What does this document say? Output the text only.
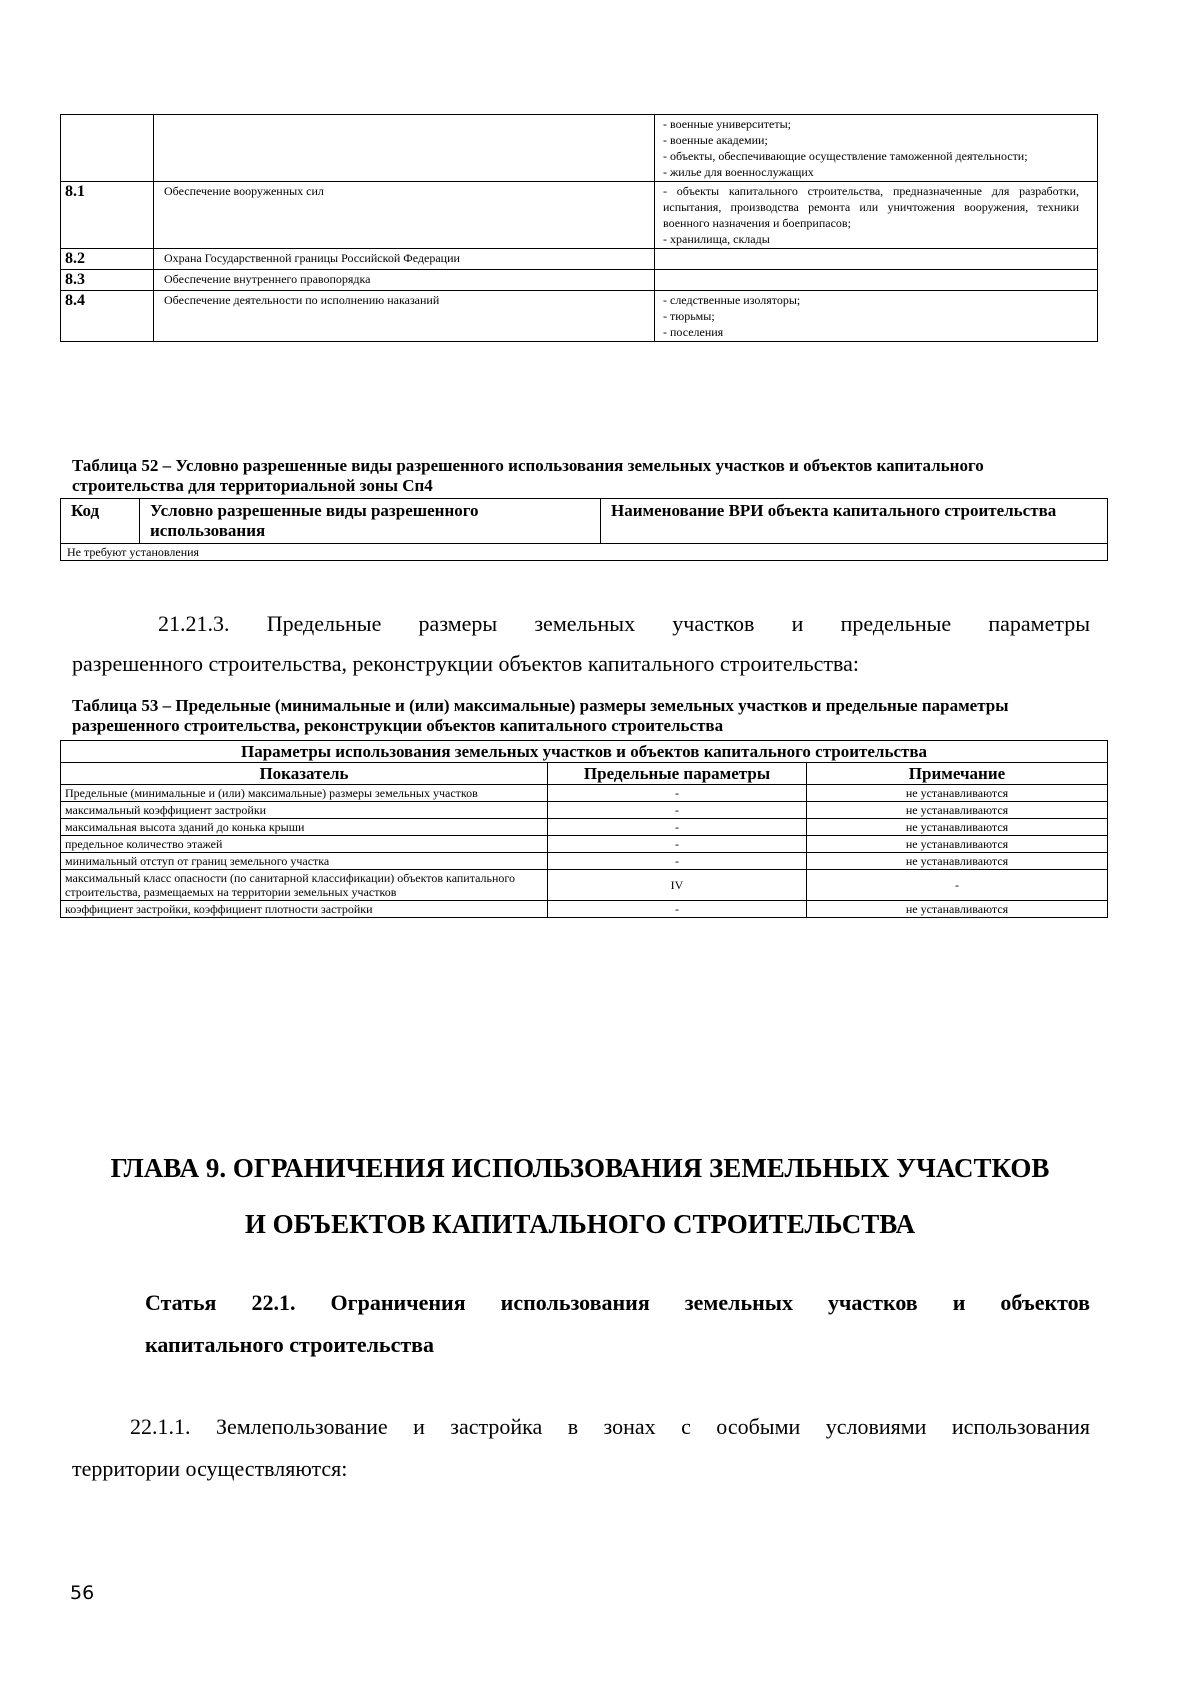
		- военные университеты;
- военные академии;
- объекты, обеспечивающие осуществление таможенной деятельности;
- жилье для военнослужащих

8.1	Обеспечение вооруженных сил	- объекты капитального строительства, предназначенные для разработки, испытания, производства ремонта или уничтожения вооружения, техники военного назначения и боеприпасов;
- хранилища, склады

8.2	Охрана Государственной границы Российской Федерации	
8.3	Обеспечение внутреннего правопорядка	
8.4	Обеспечение деятельности по исполнению наказаний	- следственные изоляторы;
- тюрьмы;
- поселения
Таблица 52 – Условно разрешенные виды разрешенного использования земельных участков и объектов капитального строительства для территориальной зоны Сп4
Код	Условно разрешенные виды разрешенного использования	Наименование ВРИ объекта капитального строительства
Не требуют установления
21.21.3. Предельные размеры земельных участков и предельные параметры
разрешенного строительства, реконструкции объектов капитального строительства:
Таблица 53 – Предельные (минимальные и (или) максимальные) размеры земельных участков и предельные параметры разрешенного строительства, реконструкции объектов капитального строительства
Параметры использования земельных участков и объектов капитального строительства		
Показатель	Предельные параметры	Примечание
Предельные (минимальные и (или) максимальные) размеры земельных участков	-	не устанавливаются
максимальный коэффициент застройки	-	не устанавливаются
максимальная высота зданий до конька крыши	-	не устанавливаются
предельное количество этажей	-	не устанавливаются
минимальный отступ от границ земельного участка	-	не устанавливаются
максимальный класс опасности (по санитарной классификации) объектов капитального строительства, размещаемых на территории земельных участков	IV	-
коэффициент застройки, коэффициент плотности застройки	-	не устанавливаются
ГЛАВА 9. ОГРАНИЧЕНИЯ ИСПОЛЬЗОВАНИЯ ЗЕМЕЛЬНЫХ УЧАСТКОВ
И ОБЪЕКТОВ КАПИТАЛЬНОГО СТРОИТЕЛЬСТВА
Статья 22.1. Ограничения использования земельных участков и объектов
капитального строительства
22.1.1. Землепользование и застройка в зонах с особыми условиями использования
территории осуществляются:
56
